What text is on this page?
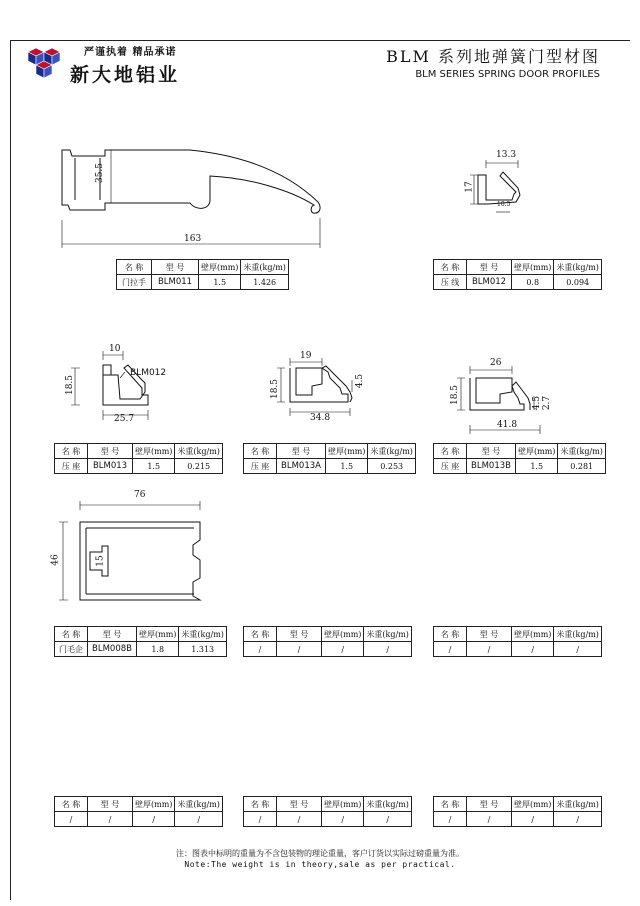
严谨执着 精品承诺
新大地铝业
BLM 系列地弹簧门型材图
BLM SERIES SPRING DOOR PROFILES
35.5
163
13.3
17
10.5
10
18.5
25.7
BLM012
19
18.5	4.5
34.8
26
18.5	4.5 2.7
41.8
76
46	15
名 称	型 号	壁厚(mm)	米重(kg/m)
门拉手	BLM011	1.5	1.426
名 称	型 号	壁厚(mm)	米重(kg/m)
压 线	BLM012	0.8	0.094
名 称	型 号	壁厚(mm)	米重(kg/m)
压 座	BLM013	1.5	0.215
名 称	型 号	壁厚(mm)	米重(kg/m)
压 座	BLM013A	1.5	0.253
名 称	型 号	壁厚(mm)	米重(kg/m)
压 座	BLM013B	1.5	0.281
名 称	型 号	壁厚(mm)	米重(kg/m)
门毛企	BLM008B	1.8	1.313
名 称	型 号	壁厚(mm)	米重(kg/m)
/	/	/	/
名 称	型 号	壁厚(mm)	米重(kg/m)
/	/	/	/
名 称	型 号	壁厚(mm)	米重(kg/m)
/	/	/	/
名 称	型 号	壁厚(mm)	米重(kg/m)
/	/	/	/
名 称	型 号	壁厚(mm)	米重(kg/m)
/	/	/	/
注：图表中标明的重量为不含包装物的理论重量，客户订货以实际过磅重量为准。
Note:The weight is in theory,sale as per practical.
